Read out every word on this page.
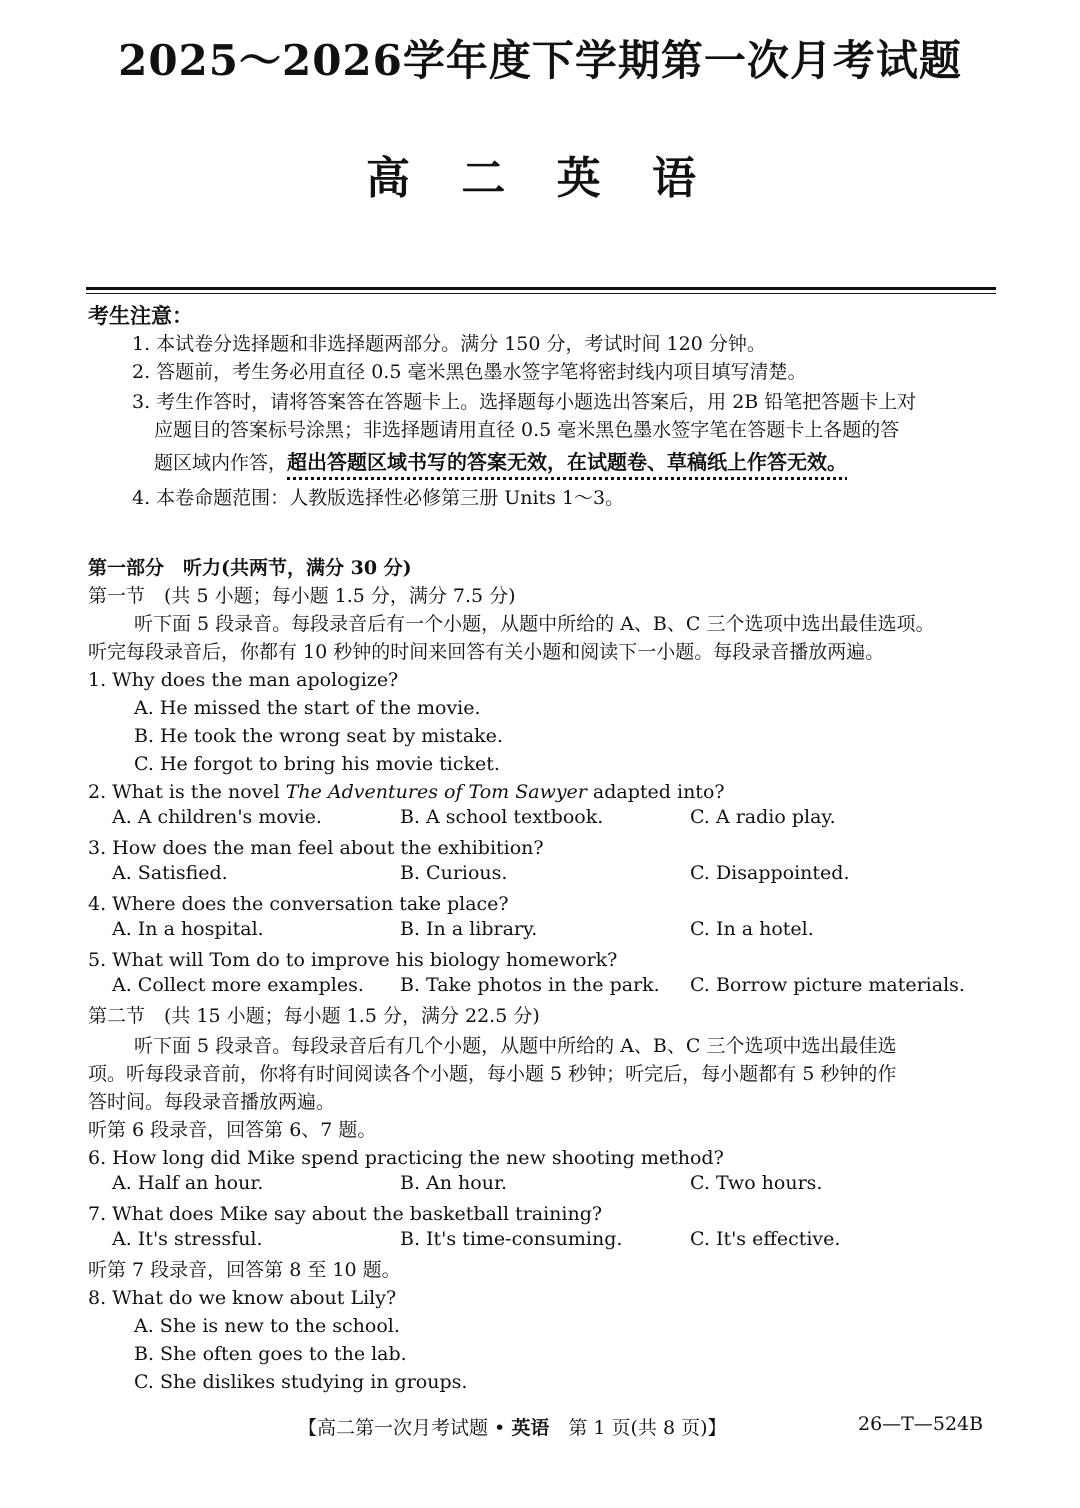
2025～2026学年度下学期第一次月考试题
高 二 英 语
考生注意：
1. 本试卷分选择题和非选择题两部分。满分 150 分，考试时间 120 分钟。
2. 答题前，考生务必用直径 0.5 毫米黑色墨水签字笔将密封线内项目填写清楚。
3. 考生作答时，请将答案答在答题卡上。选择题每小题选出答案后，用 2B 铅笔把答题卡上对
应题目的答案标号涂黑；非选择题请用直径 0.5 毫米黑色墨水签字笔在答题卡上各题的答
题区域内作答，超出答题区域书写的答案无效，在试题卷、草稿纸上作答无效。
4. 本卷命题范围：人教版选择性必修第三册 Units 1～3。
第一部分　听力(共两节，满分 30 分)
第一节　(共 5 小题；每小题 1.5 分，满分 7.5 分)
听下面 5 段录音。每段录音后有一个小题，从题中所给的 A、B、C 三个选项中选出最佳选项。
听完每段录音后，你都有 10 秒钟的时间来回答有关小题和阅读下一小题。每段录音播放两遍。
1. Why does the man apologize?
A. He missed the start of the movie.
B. He took the wrong seat by mistake.
C. He forgot to bring his movie ticket.
2. What is the novel The Adventures of Tom Sawyer adapted into?
A. A children's movie.	B. A school textbook.	C. A radio play.
3. How does the man feel about the exhibition?
A. Satisfied.	B. Curious.	C. Disappointed.
4. Where does the conversation take place?
A. In a hospital.	B. In a library.	C. In a hotel.
5. What will Tom do to improve his biology homework?
A. Collect more examples. B. Take photos in the park. C. Borrow picture materials.
第二节　(共 15 小题；每小题 1.5 分，满分 22.5 分)
听下面 5 段录音。每段录音后有几个小题，从题中所给的 A、B、C 三个选项中选出最佳选
项。听每段录音前，你将有时间阅读各个小题，每小题 5 秒钟；听完后，每小题都有 5 秒钟的作
答时间。每段录音播放两遍。
听第 6 段录音，回答第 6、7 题。
6. How long did Mike spend practicing the new shooting method?
A. Half an hour.	B. An hour.	C. Two hours.
7. What does Mike say about the basketball training?
A. It's stressful.	B. It's time-consuming.	C. It's effective.
听第 7 段录音，回答第 8 至 10 题。
8. What do we know about Lily?
A. She is new to the school.
B. She often goes to the lab.
C. She dislikes studying in groups.
【高二第一次月考试题 • 英语　第 1 页(共 8 页)】	26—T—524B
